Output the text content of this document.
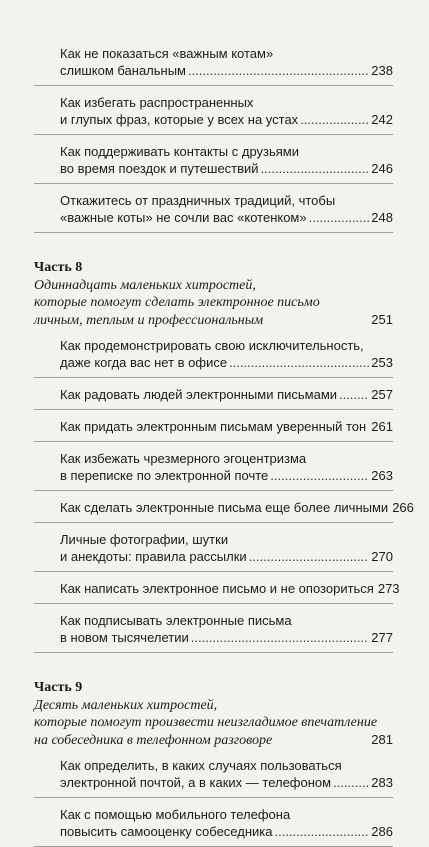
Как не показаться «важным котам»
слишком банальным .....	238
Как избегать распространенных
и глупых фраз, которые у всех на устах .....	242
Как поддерживать контакты с друзьями
во время поездок и путешествий .....	246
Откажитесь от праздничных традиций, чтобы
«важные коты» не сочли вас «котенком» .....	248
Часть 8
Одиннадцать маленьких хитростей,
которые помогут сделать электронное письмо
личным, теплым и профессиональным	251
Как продемонстрировать свою исключительность,
даже когда вас нет в офисе .....	253
Как радовать людей электронными письмами .....	257
Как придать электронным письмам уверенный тон ..... 261
Как избежать чрезмерного эгоцентризма
в переписке по электронной почте .....	263
Как сделать электронные письма еще более личными 266
Личные фотографии, шутки
и анекдоты: правила рассылки .....	270
Как написать электронное письмо и не опозориться 273
Как подписывать электронные письма
в новом тысячелетии .....	277
Часть 9
Десять маленьких хитростей,
которые помогут произвести неизгладимое впечатление
на собеседника в телефонном разговоре	281
Как определить, в каких случаях пользоваться
электронной почтой, а в каких — телефоном .....	283
Как с помощью мобильного телефона
повысить самооценку собеседника .....	286
